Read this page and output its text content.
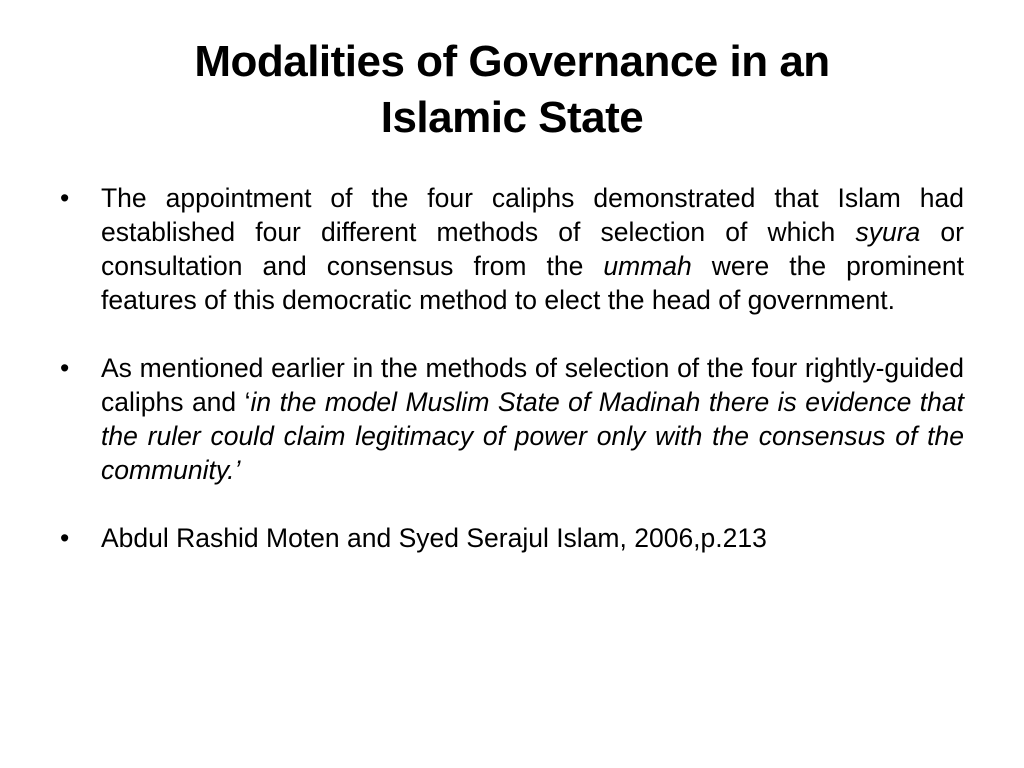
Modalities of Governance in an
Islamic State
•	The appointment of the four caliphs demonstrated that Islam had established four different methods of selection of which syura or consultation and consensus from the ummah were the prominent features of this democratic method to elect the head of government.
•	As mentioned earlier in the methods of selection of the four rightly-guided caliphs and ‘in the model Muslim State of Madinah there is evidence that the ruler could claim legitimacy of power only with the consensus of the community.’
•	Abdul Rashid Moten and Syed Serajul Islam, 2006,p.213
